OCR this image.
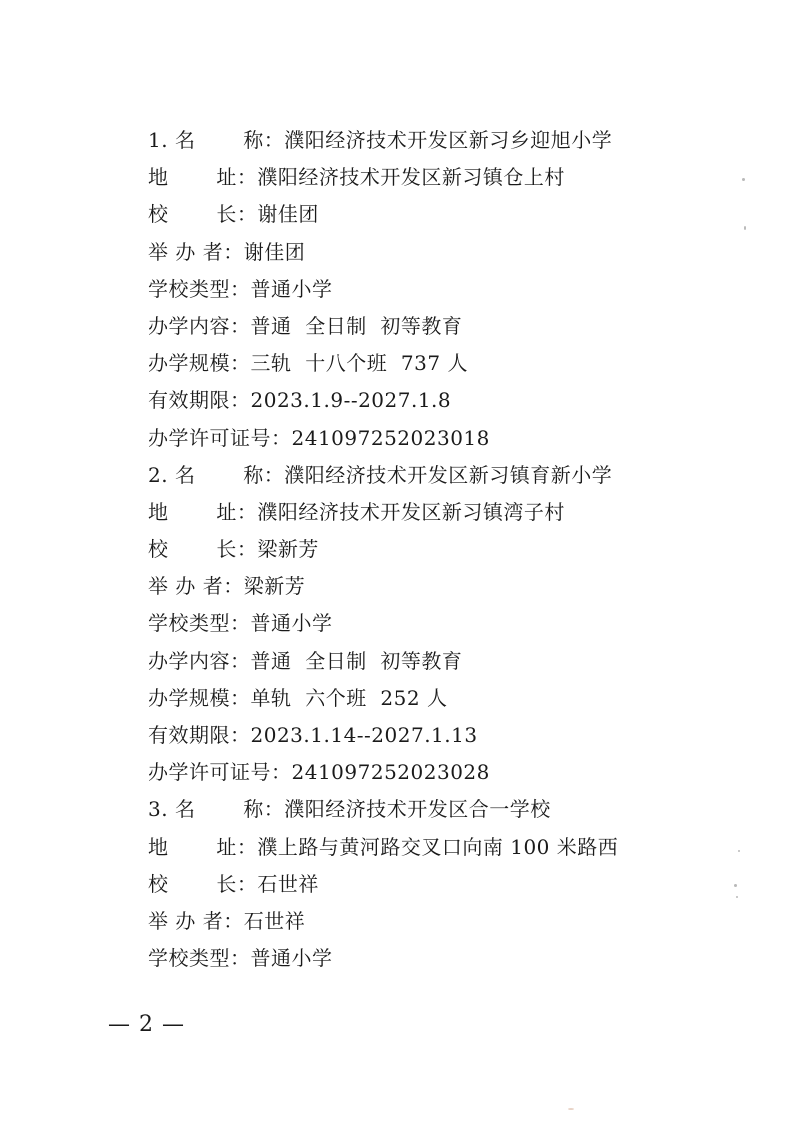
1. 名　　 称：濮阳经济技术开发区新习乡迎旭小学
地　　 址：濮阳经济技术开发区新习镇仓上村
校　　 长：谢佳团
举 办 者：谢佳团
学校类型：普通小学
办学内容：普通  全日制  初等教育
办学规模：三轨  十八个班  737 人
有效期限：2023.1.9--2027.1.8
办学许可证号：241097252023018
2. 名　　 称：濮阳经济技术开发区新习镇育新小学
地　　 址：濮阳经济技术开发区新习镇湾子村
校　　 长：梁新芳
举 办 者：梁新芳
学校类型：普通小学
办学内容：普通  全日制  初等教育
办学规模：单轨  六个班  252 人
有效期限：2023.1.14--2027.1.13
办学许可证号：241097252023028
3. 名　　 称：濮阳经济技术开发区合一学校
地　　 址：濮上路与黄河路交叉口向南 100 米路西
校　　 长：石世祥
举 办 者：石世祥
学校类型：普通小学
— 2 —
